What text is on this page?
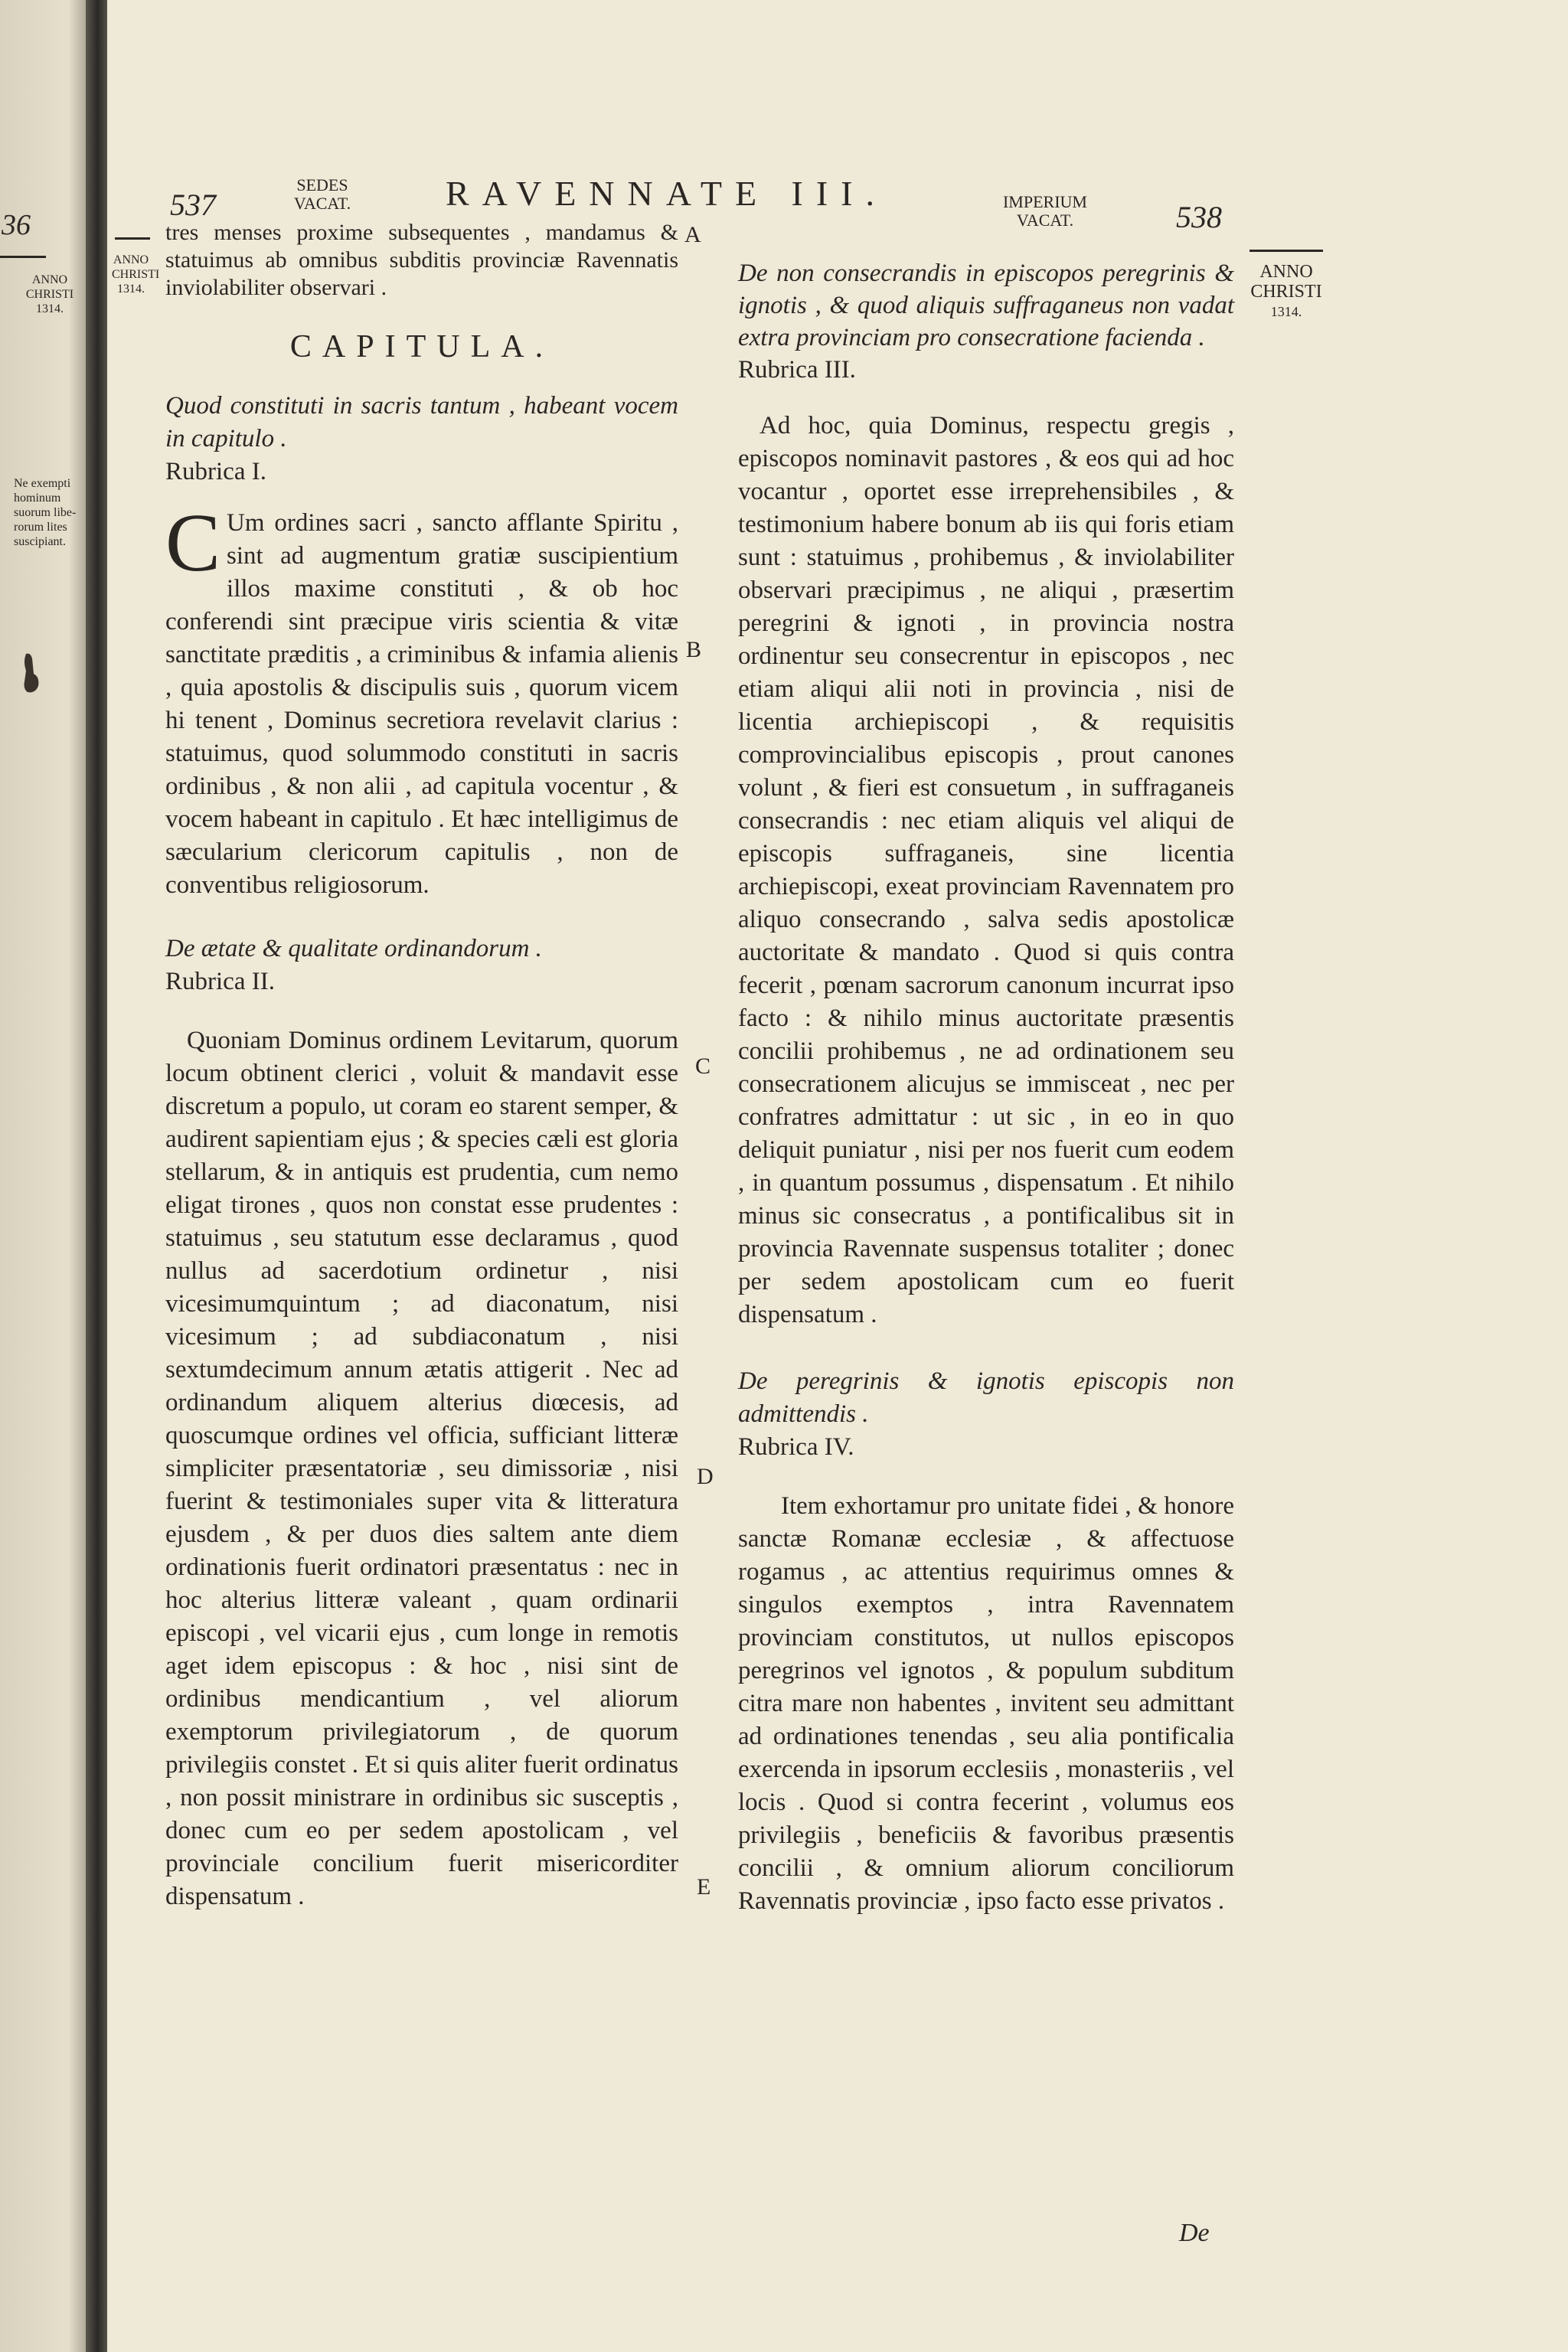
36
ANNO
CHRISTI
1314.
Ne exempti
hominum
suorum libe-
rorum lites
suscipiant.
537
SEDES
VACAT.	RAVENNATE III.	IMPERIUM
VACAT.	538
ANNO
CHRISTI
1314.
ANNO
CHRISTI
1314.
A
B
C
D
E

tres menses proxime subsequentes , mandamus & statuimus ab omnibus subditis provinciæ Ravennatis inviolabiliter observari .

CAPITULA.

Quod constituti in sacris tantum , habeant vocem in capitulo .

Rubrica I.

C Um ordines sacri , sancto afflante Spiritu , sint ad augmentum gratiæ suscipientium illos maxime constituti , & ob hoc conferendi sint præcipue viris scientia & vitæ sanctitate præditis , a criminibus & infamia alienis , quia apostolis & discipulis suis , quorum vicem hi tenent , Dominus secretiora revelavit clarius : statuimus, quod solummodo constituti in sacris ordinibus , & non alii , ad capitula vocentur , & vocem habeant in capitulo . Et hæc intelligimus de sæcularium clericorum capitulis , non de conventibus religiosorum.

De ætate & qualitate ordinandorum .

Rubrica II.

Quoniam Dominus ordinem Levitarum, quorum locum obtinent clerici , voluit & mandavit esse discretum a populo, ut coram eo starent semper, & audirent sapientiam ejus ; & species cæli est gloria stellarum, & in antiquis est prudentia, cum nemo eligat tirones , quos non constat esse prudentes : statuimus , seu statutum esse declaramus , quod nullus ad sacerdotium ordinetur , nisi vicesimumquintum ; ad diaconatum, nisi vicesimum ; ad subdiaconatum , nisi sextumdecimum annum ætatis attigerit . Nec ad ordinandum aliquem alterius diœcesis, ad quoscumque ordines vel officia, sufficiant litteræ simpliciter præsentatoriæ , seu dimissoriæ , nisi fuerint & testimoniales super vita & litteratura ejusdem , & per duos dies saltem ante diem ordinationis fuerit ordinatori præsentatus : nec in hoc alterius litteræ valeant , quam ordinarii episcopi , vel vicarii ejus , cum longe in remotis aget idem episcopus : & hoc , nisi sint de ordinibus mendicantium , vel aliorum exemptorum privilegiatorum , de quorum privilegiis constet . Et si quis aliter fuerit ordinatus , non possit ministrare in ordinibus sic susceptis , donec cum eo per sedem apostolicam , vel provinciale concilium fuerit misericorditer dispensatum .

De non consecrandis in episcopos peregrinis & ignotis , & quod aliquis suffraganeus non vadat extra provinciam pro consecratione facienda .

Rubrica III.

Ad hoc, quia Dominus, respectu gregis , episcopos nominavit pastores , & eos qui ad hoc vocantur , oportet esse irreprehensibiles , & testimonium habere bonum ab iis qui foris etiam sunt : statuimus , prohibemus , & inviolabiliter observari præcipimus , ne aliqui , præsertim peregrini & ignoti , in provincia nostra ordinentur seu consecrentur in episcopos , nec etiam aliqui alii noti in provincia , nisi de licentia archiepiscopi , & requisitis comprovincialibus episcopis , prout canones volunt , & fieri est consuetum , in suffraganeis consecrandis : nec etiam aliquis vel aliqui de episcopis suffraganeis, sine licentia archiepiscopi, exeat provinciam Ravennatem pro aliquo consecrando , salva sedis apostolicæ auctoritate & mandato . Quod si quis contra fecerit , pœnam sacrorum canonum incurrat ipso facto : & nihilo minus auctoritate præsentis concilii prohibemus , ne ad ordinationem seu consecrationem alicujus se immisceat , nec per confratres admittatur : ut sic , in eo in quo deliquit puniatur , nisi per nos fuerit cum eodem , in quantum possumus , dispensatum . Et nihilo minus sic consecratus , a pontificalibus sit in provincia Ravennate suspensus totaliter ; donec per sedem apostolicam cum eo fuerit dispensatum .

De peregrinis & ignotis episcopis non admittendis .

Rubrica IV.

Item exhortamur pro unitate fidei , & honore sanctæ Romanæ ecclesiæ , & affectuose rogamus , ac attentius requirimus omnes & singulos exemptos , intra Ravennatem provinciam constitutos, ut nullos episcopos peregrinos vel ignotos , & populum subditum citra mare non habentes , invitent seu admittant ad ordinationes tenendas , seu alia pontificalia exercenda in ipsorum ecclesiis , monasteriis , vel locis . Quod si contra fecerint , volumus eos privilegiis , beneficiis & favoribus præsentis concilii , & omnium aliorum conciliorum Ravennatis provinciæ , ipso facto esse privatos .

De
